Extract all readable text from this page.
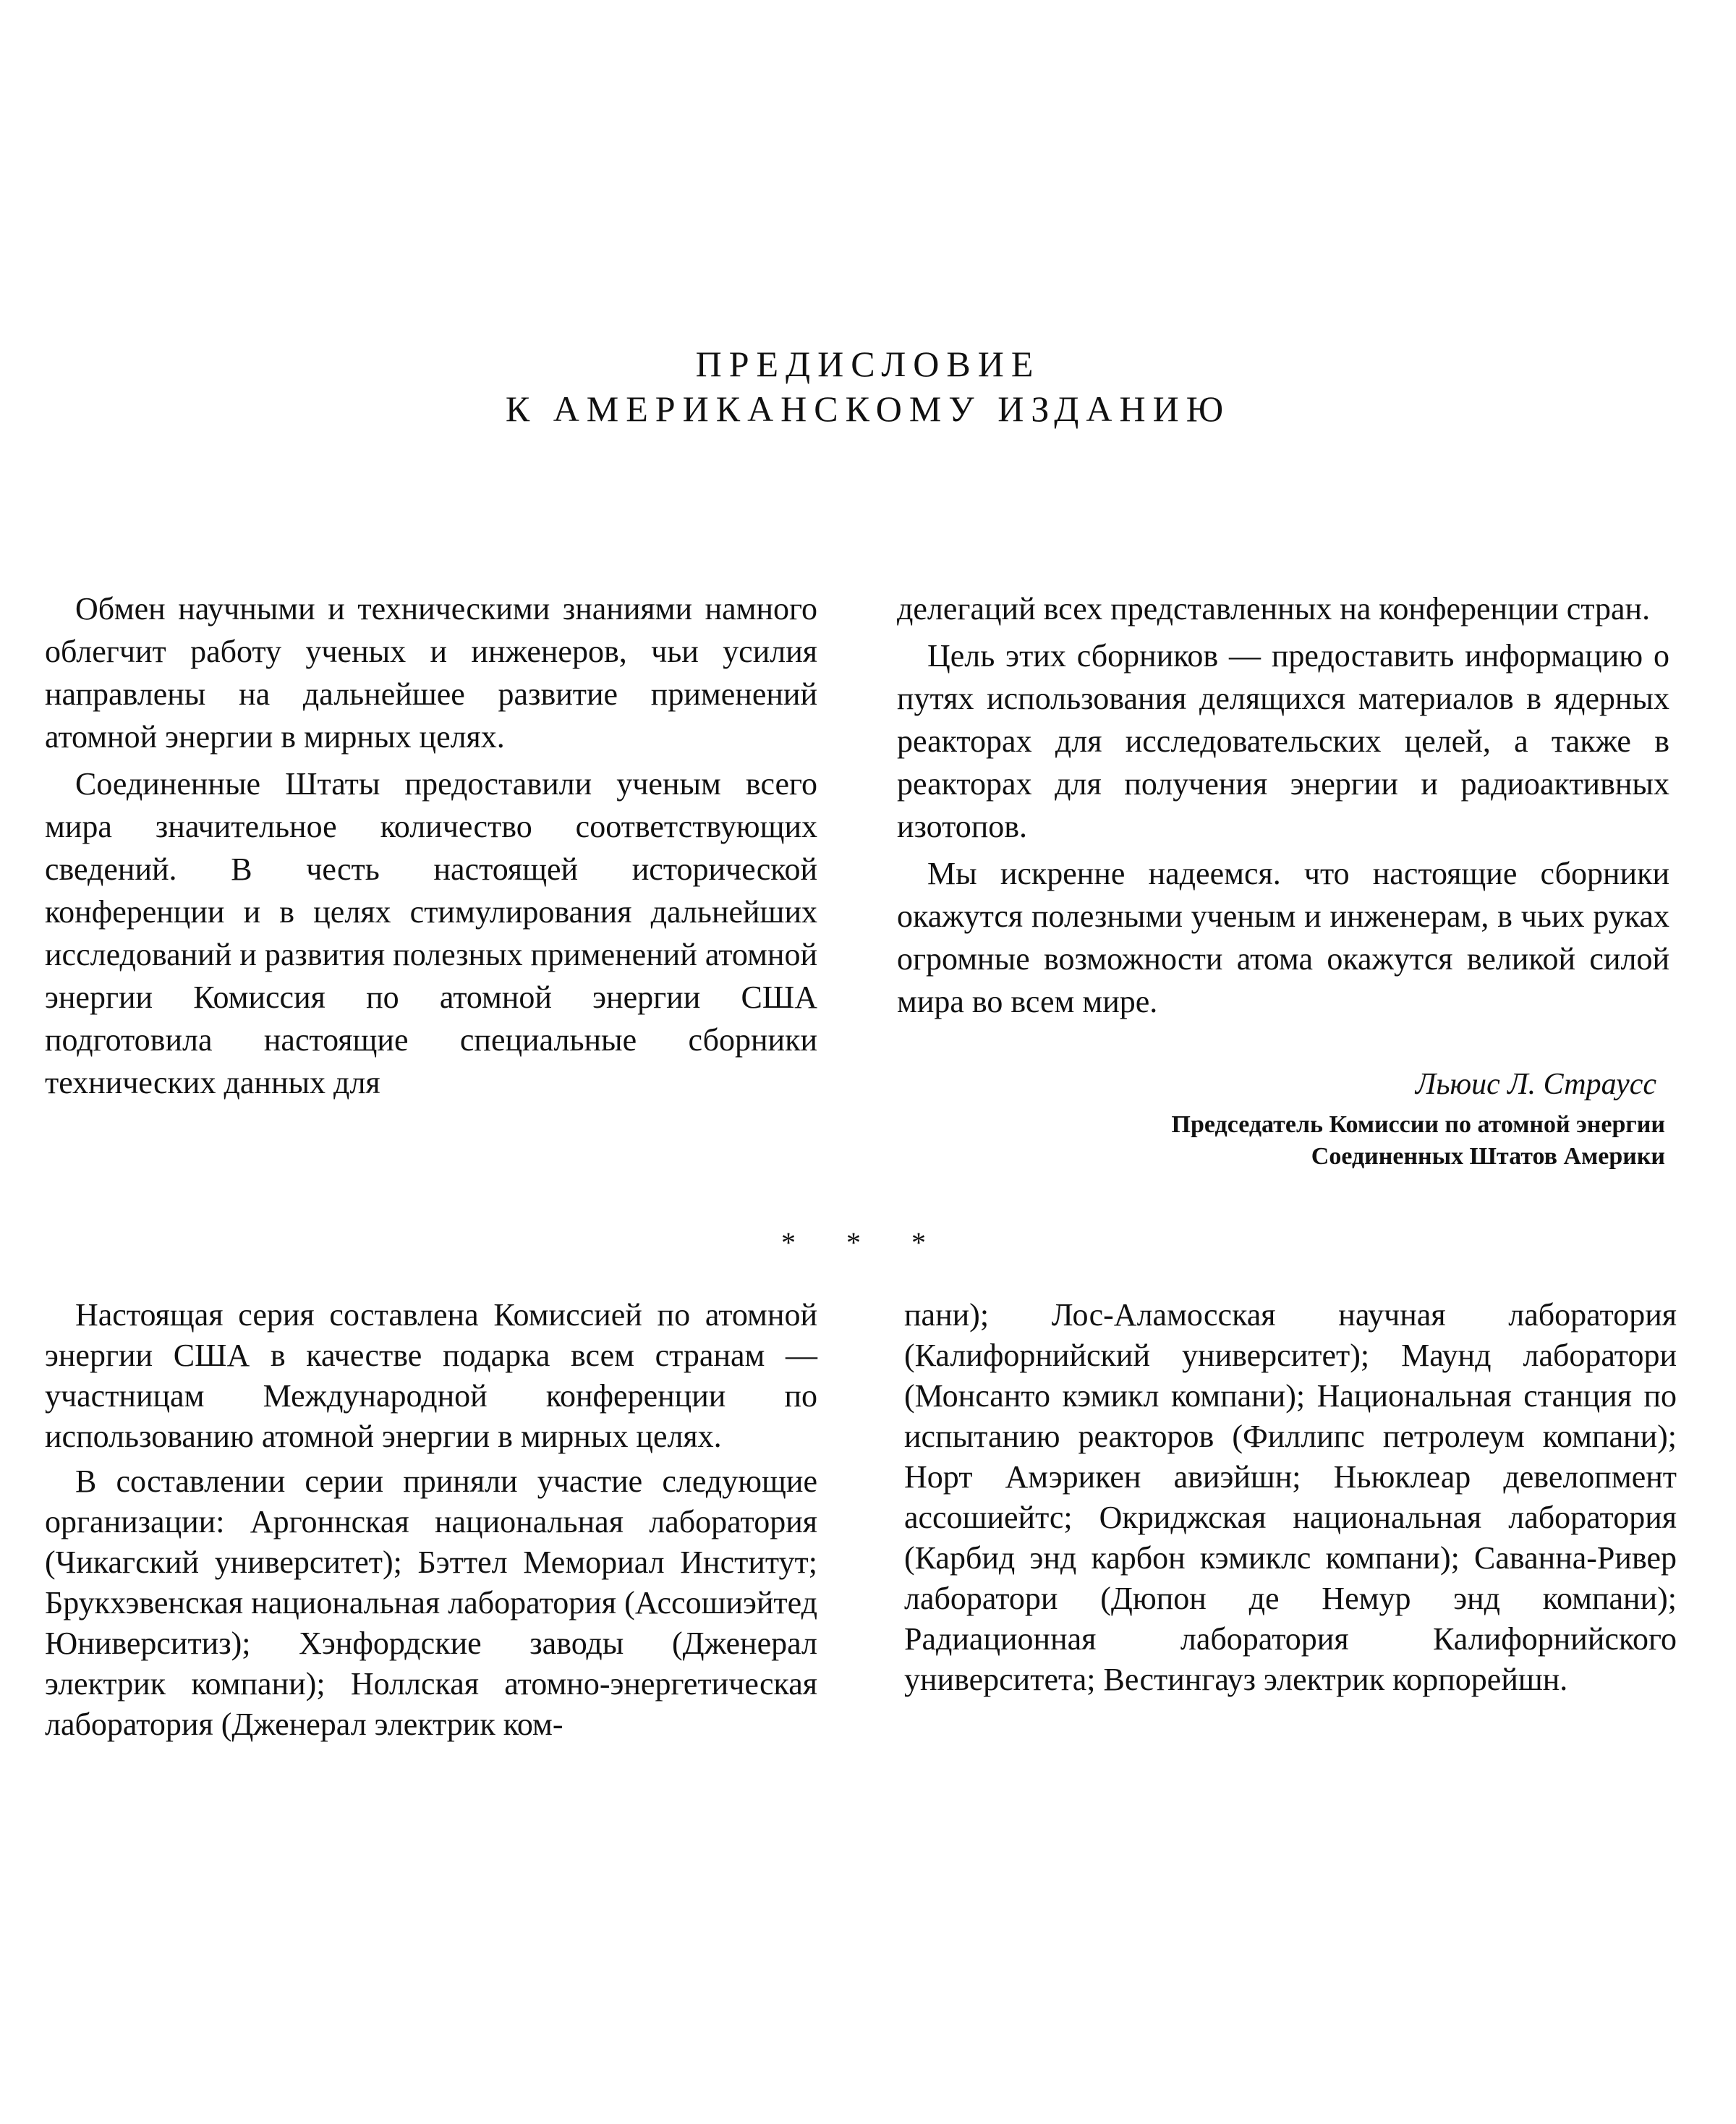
ПРЕДИСЛОВИЕ
К АМЕРИКАНСКОМУ ИЗДАНИЮ

Обмен научными и техническими знаниями намного облегчит работу ученых и инженеров, чьи усилия направлены на дальнейшее развитие применений атомной энергии в мирных целях.

Соединенные Штаты предоставили ученым всего мира значительное количество соответствующих сведений. В честь настоящей исторической конференции и в целях стимулирования дальнейших исследований и развития полезных применений атомной энергии Комиссия по атомной энергии США подготовила настоящие специальные сборники технических данных для

делегаций всех представленных на конференции стран.

Цель этих сборников — предоставить информацию о путях использования делящихся материалов в ядерных реакторах для исследовательских целей, а также в реакторах для получения энергии и радиоактивных изотопов.

Мы искренне надеемся. что настоящие сборники окажутся полезными ученым и инженерам, в чьих руках огромные возможности атома окажутся великой силой мира во всем мире.

Льюис Л. Страусс
Председатель Комиссии по атомной энергии
Соединенных Штатов Америки
* * *

Настоящая серия составлена Комиссией по атомной энергии США в качестве подарка всем странам — участницам Международной конференции по использованию атомной энергии в мирных целях.

В составлении серии приняли участие следующие организации: Аргоннская национальная лаборатория (Чикагский университет); Бэттел Мемориал Институт; Брукхэвенская национальная лаборатория (Ассошиэйтед Юниверситиз); Хэнфордские заводы (Дженерал электрик компани); Ноллская атомно-энергетическая лаборатория (Дженерал электрик ком-

пани); Лос-Аламосская научная лаборатория (Калифорнийский университет); Маунд лаборатори (Монсанто кэмикл компани); Национальная станция по испытанию реакторов (Филлипс петролеум компани); Норт Амэрикен авиэйшн; Ньюклеар девелопмент ассошиейтс; Окриджская национальная лаборатория (Карбид энд карбон кэмиклс компани); Саванна-Ривер лаборатори (Дюпон де Немур энд компани); Радиационная лаборатория Калифорнийского университета; Вестингауз электрик корпорейшн.
